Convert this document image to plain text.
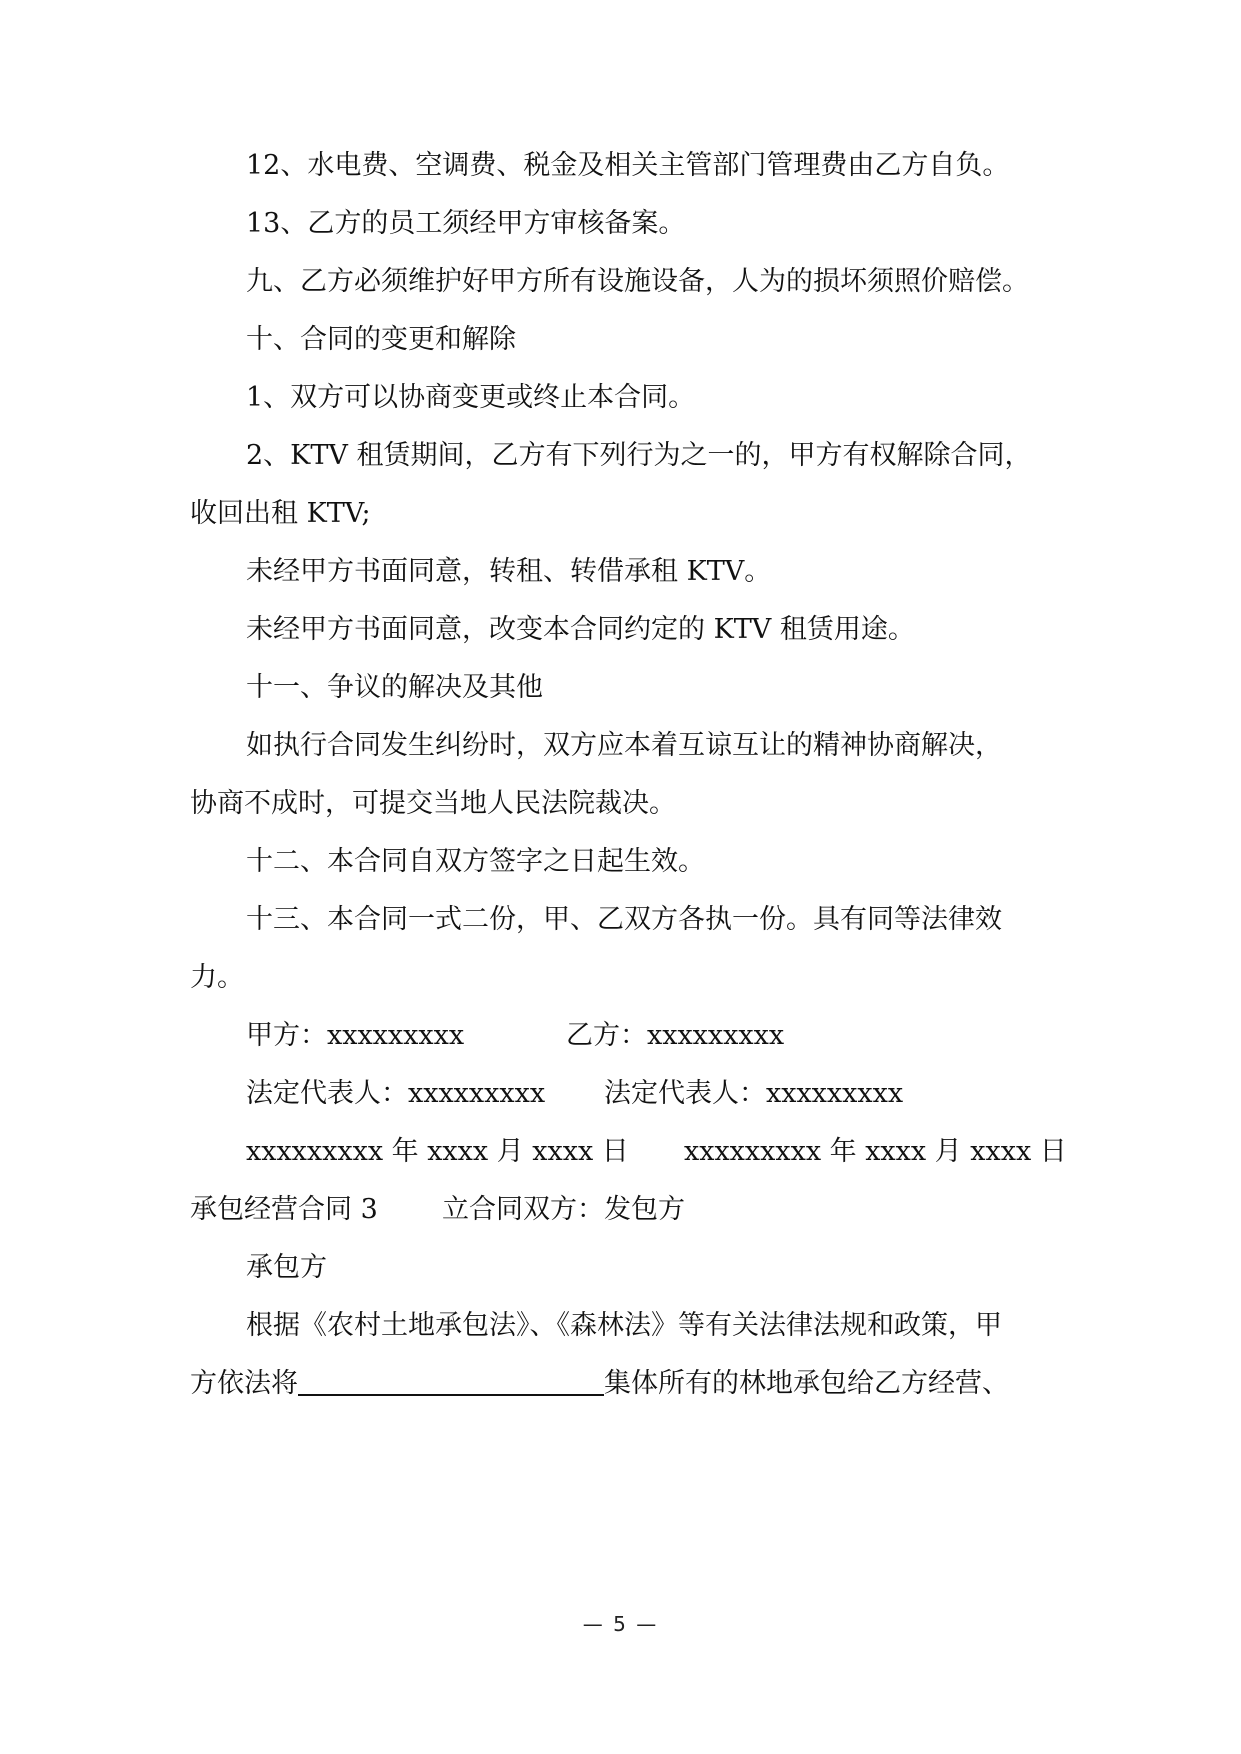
12、水电费、空调费、税金及相关主管部门管理费由乙方自负。
13、乙方的员工须经甲方审核备案。
九、乙方必须维护好甲方所有设施设备，人为的损坏须照价赔偿。
十、合同的变更和解除
1、双方可以协商变更或终止本合同。
2、KTV 租赁期间，乙方有下列行为之一的，甲方有权解除合同，
收回出租 KTV;
未经甲方书面同意，转租、转借承租 KTV。
未经甲方书面同意，改变本合同约定的 KTV 租赁用途。
十一、争议的解决及其他
如执行合同发生纠纷时，双方应本着互谅互让的精神协商解决，
协商不成时，可提交当地人民法院裁决。
十二、本合同自双方签字之日起生效。
十三、本合同一式二份，甲、乙双方各执一份。具有同等法律效
力。
甲方：xxxxxxxxx	乙方：xxxxxxxxx
法定代表人：xxxxxxxxx 法定代表人：xxxxxxxxx
xxxxxxxxx 年 xxxx 月 xxxx 日 xxxxxxxxx 年 xxxx 月 xxxx 日
承包经营合同 3 立合同双方：发包方
承包方
根据《农村土地承包法》、《森林法》等有关法律法规和政策，甲
方依法将	集体所有的林地承包给乙方经营、
— 5 —
